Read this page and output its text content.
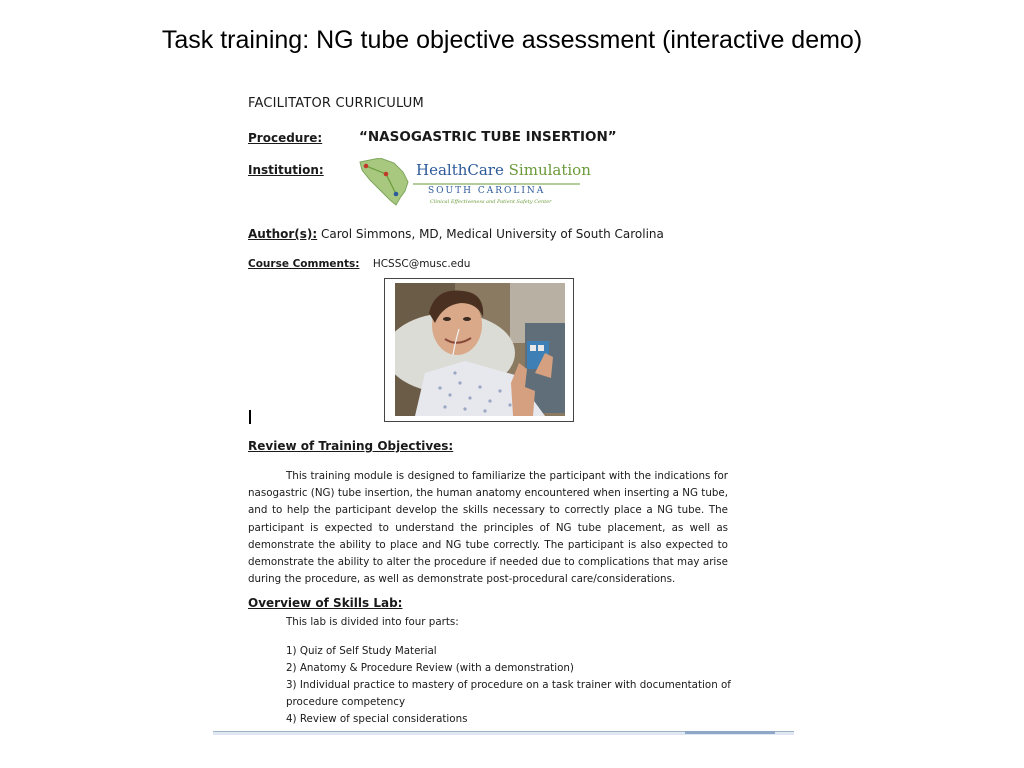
Task training: NG tube objective assessment (interactive demo)
FACILITATOR CURRICULUM
Procedure:	“NASOGASTRIC TUBE INSERTION”
Institution:	HealthCare Simulation
SOUTH CAROLINA
Clinical Effectiveness and Patient Safety Center
Author(s): Carol Simmons, MD, Medical University of South Carolina
Course Comments: HCSSC@musc.edu
Review of Training Objectives:

This training module is designed to familiarize the participant with the indications for nasogastric (NG) tube insertion, the human anatomy encountered when inserting a NG tube, and to help the participant develop the skills necessary to correctly place a NG tube. The participant is expected to understand the principles of NG tube placement, as well as demonstrate the ability to place and NG tube correctly. The participant is also expected to demonstrate the ability to alter the procedure if needed due to complications that may arise during the procedure, as well as demonstrate post-procedural care/considerations.

Overview of Skills Lab:
This lab is divided into four parts:
1) Quiz of Self Study Material
2) Anatomy & Procedure Review (with a demonstration)
3) Individual practice to mastery of procedure on a task trainer with documentation of procedure competency
4) Review of special considerations
